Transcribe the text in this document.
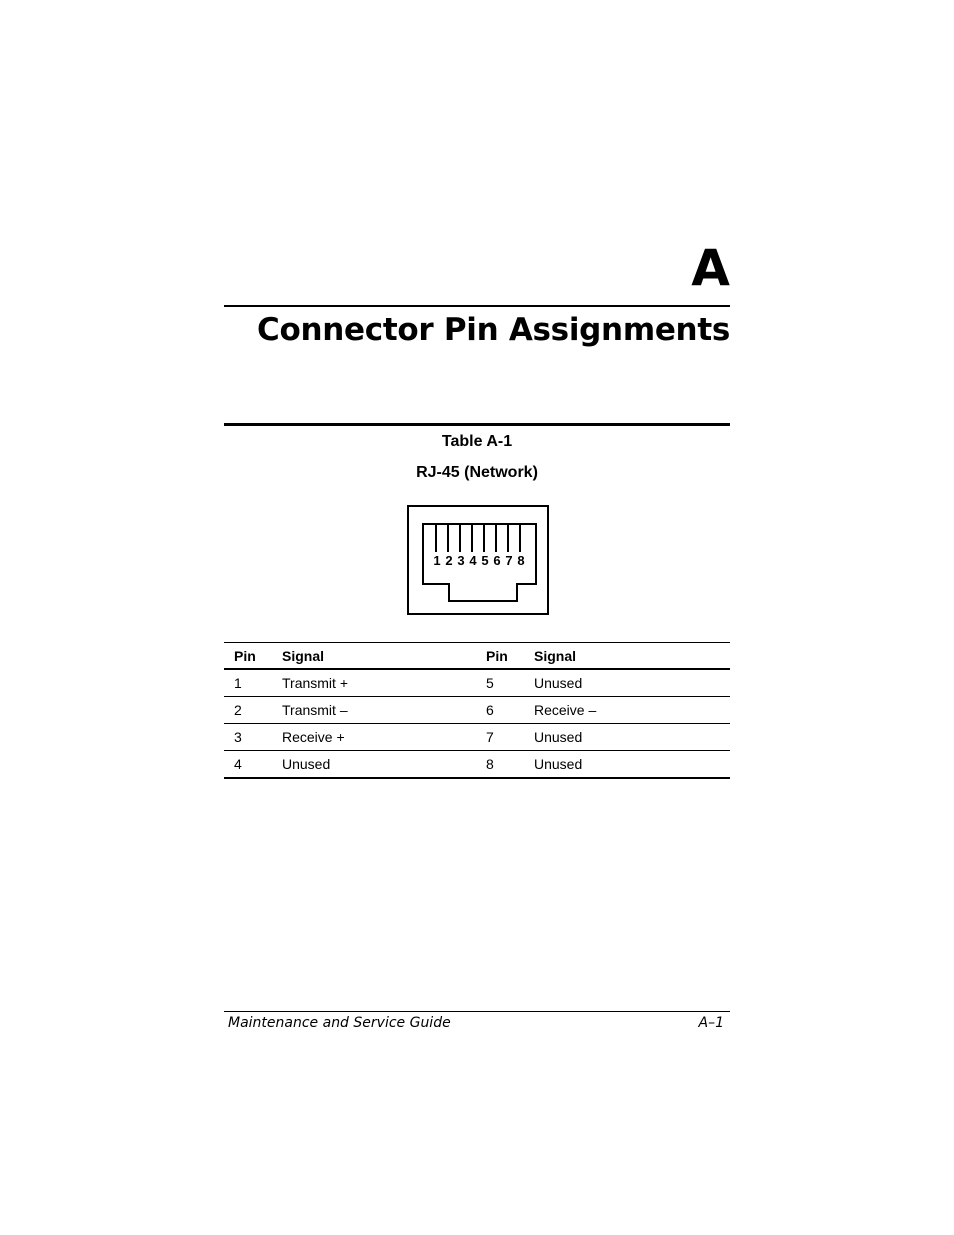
A
Connector Pin Assignments
Table A-1
RJ-45 (Network)
1 2 3 4 5 6 7 8
Pin	Signal	Pin	Signal
1	Transmit +	5	Unused
2	Transmit –	6	Receive –
3	Receive +	7	Unused
4	Unused	8	Unused
Maintenance and Service Guide	A–1
